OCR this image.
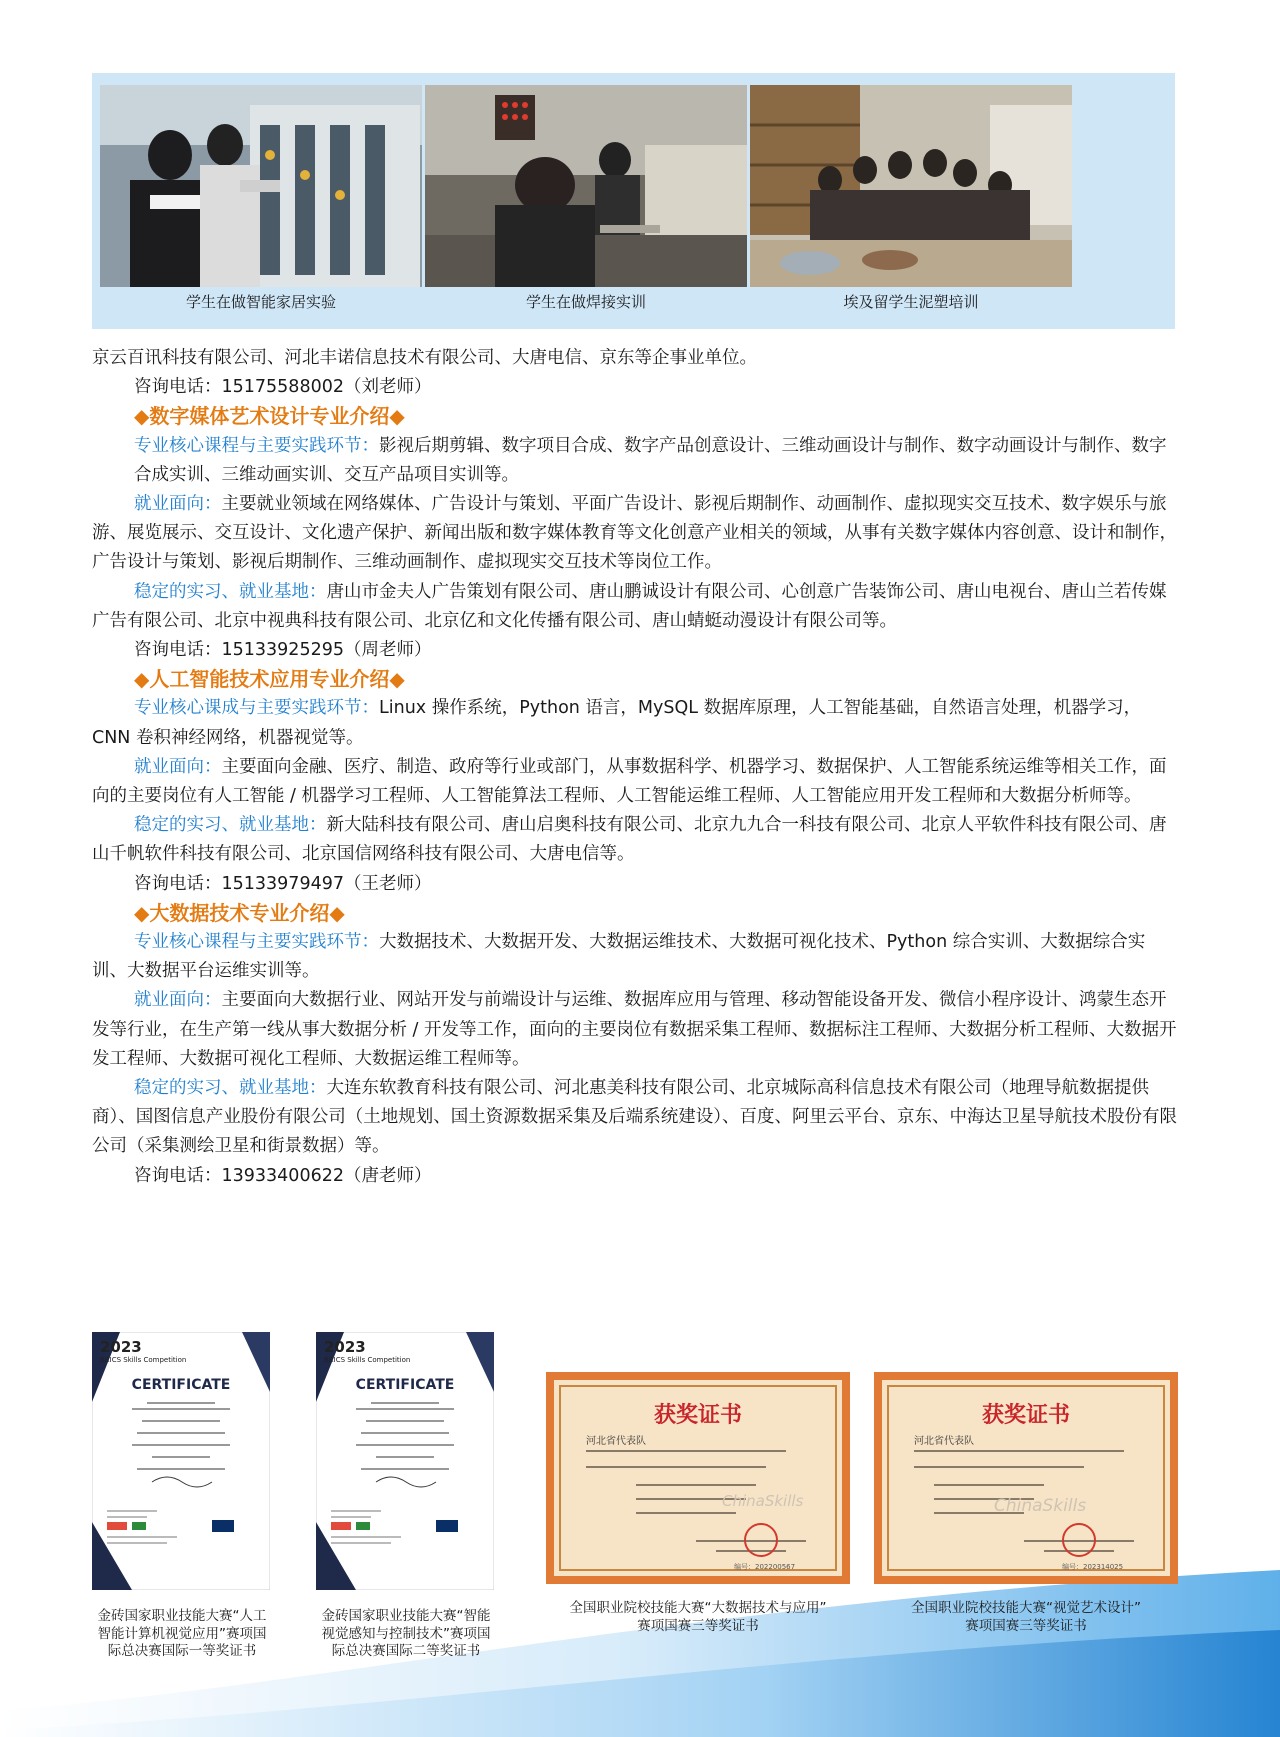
学生在做智能家居实验	学生在做焊接实训	埃及留学生泥塑培训

京云百讯科技有限公司、河北丰诺信息技术有限公司、大唐电信、京东等企事业单位。

咨询电话：15175588002（刘老师）

◆数字媒体艺术设计专业介绍◆

专业核心课程与主要实践环节：影视后期剪辑、数字项目合成、数字产品创意设计、三维动画设计与制作、数字动画设计与制作、数字合成实训、三维动画实训、交互产品项目实训等。

就业面向：主要就业领域在网络媒体、广告设计与策划、平面广告设计、影视后期制作、动画制作、虚拟现实交互技术、数字娱乐与旅游、展览展示、交互设计、文化遗产保护、新闻出版和数字媒体教育等文化创意产业相关的领域，从事有关数字媒体内容创意、设计和制作，广告设计与策划、影视后期制作、三维动画制作、虚拟现实交互技术等岗位工作。

稳定的实习、就业基地：唐山市金夫人广告策划有限公司、唐山鹏诚设计有限公司、心创意广告装饰公司、唐山电视台、唐山兰若传媒广告有限公司、北京中视典科技有限公司、北京亿和文化传播有限公司、唐山蜻蜓动漫设计有限公司等。

咨询电话：15133925295（周老师）

◆人工智能技术应用专业介绍◆

专业核心课成与主要实践环节：Linux 操作系统，Python 语言，MySQL 数据库原理，人工智能基础，自然语言处理，机器学习，CNN 卷积神经网络，机器视觉等。

就业面向：主要面向金融、医疗、制造、政府等行业或部门，从事数据科学、机器学习、数据保护、人工智能系统运维等相关工作，面向的主要岗位有人工智能 / 机器学习工程师、人工智能算法工程师、人工智能运维工程师、人工智能应用开发工程师和大数据分析师等。

稳定的实习、就业基地：新大陆科技有限公司、唐山启奥科技有限公司、北京九九合一科技有限公司、北京人平软件科技有限公司、唐山千帆软件科技有限公司、北京国信网络科技有限公司、大唐电信等。

咨询电话：15133979497（王老师）

◆大数据技术专业介绍◆

专业核心课程与主要实践环节：大数据技术、大数据开发、大数据运维技术、大数据可视化技术、Python 综合实训、大数据综合实训、大数据平台运维实训等。

就业面向：主要面向大数据行业、网站开发与前端设计与运维、数据库应用与管理、移动智能设备开发、微信小程序设计、鸿蒙生态开发等行业，在生产第一线从事大数据分析 / 开发等工作，面向的主要岗位有数据采集工程师、数据标注工程师、大数据分析工程师、大数据开发工程师、大数据可视化工程师、大数据运维工程师等。

稳定的实习、就业基地：大连东软教育科技有限公司、河北惠美科技有限公司、北京城际高科信息技术有限公司（地理导航数据提供商）、国图信息产业股份有限公司（土地规划、国土资源数据采集及后端系统建设）、百度、阿里云平台、京东、中海达卫星导航技术股份有限公司（采集测绘卫星和街景数据）等。

咨询电话：13933400622（唐老师）

2023
BRICS Skills Competition
CERTIFICATE
金砖国家职业技能大赛“人工
智能计算机视觉应用”赛项国
际总决赛国际一等奖证书
2023
BRICS Skills Competition
CERTIFICATE
金砖国家职业技能大赛“智能
视觉感知与控制技术”赛项国
际总决赛国际二等奖证书
获奖证书
河北省代表队
ChinaSkills
编号：202200567
全国职业院校技能大赛“大数据技术与应用”
赛项国赛三等奖证书
获奖证书
河北省代表队
ChinaSkills
编号：202314025
全国职业院校技能大赛“视觉艺术设计”
赛项国赛三等奖证书
